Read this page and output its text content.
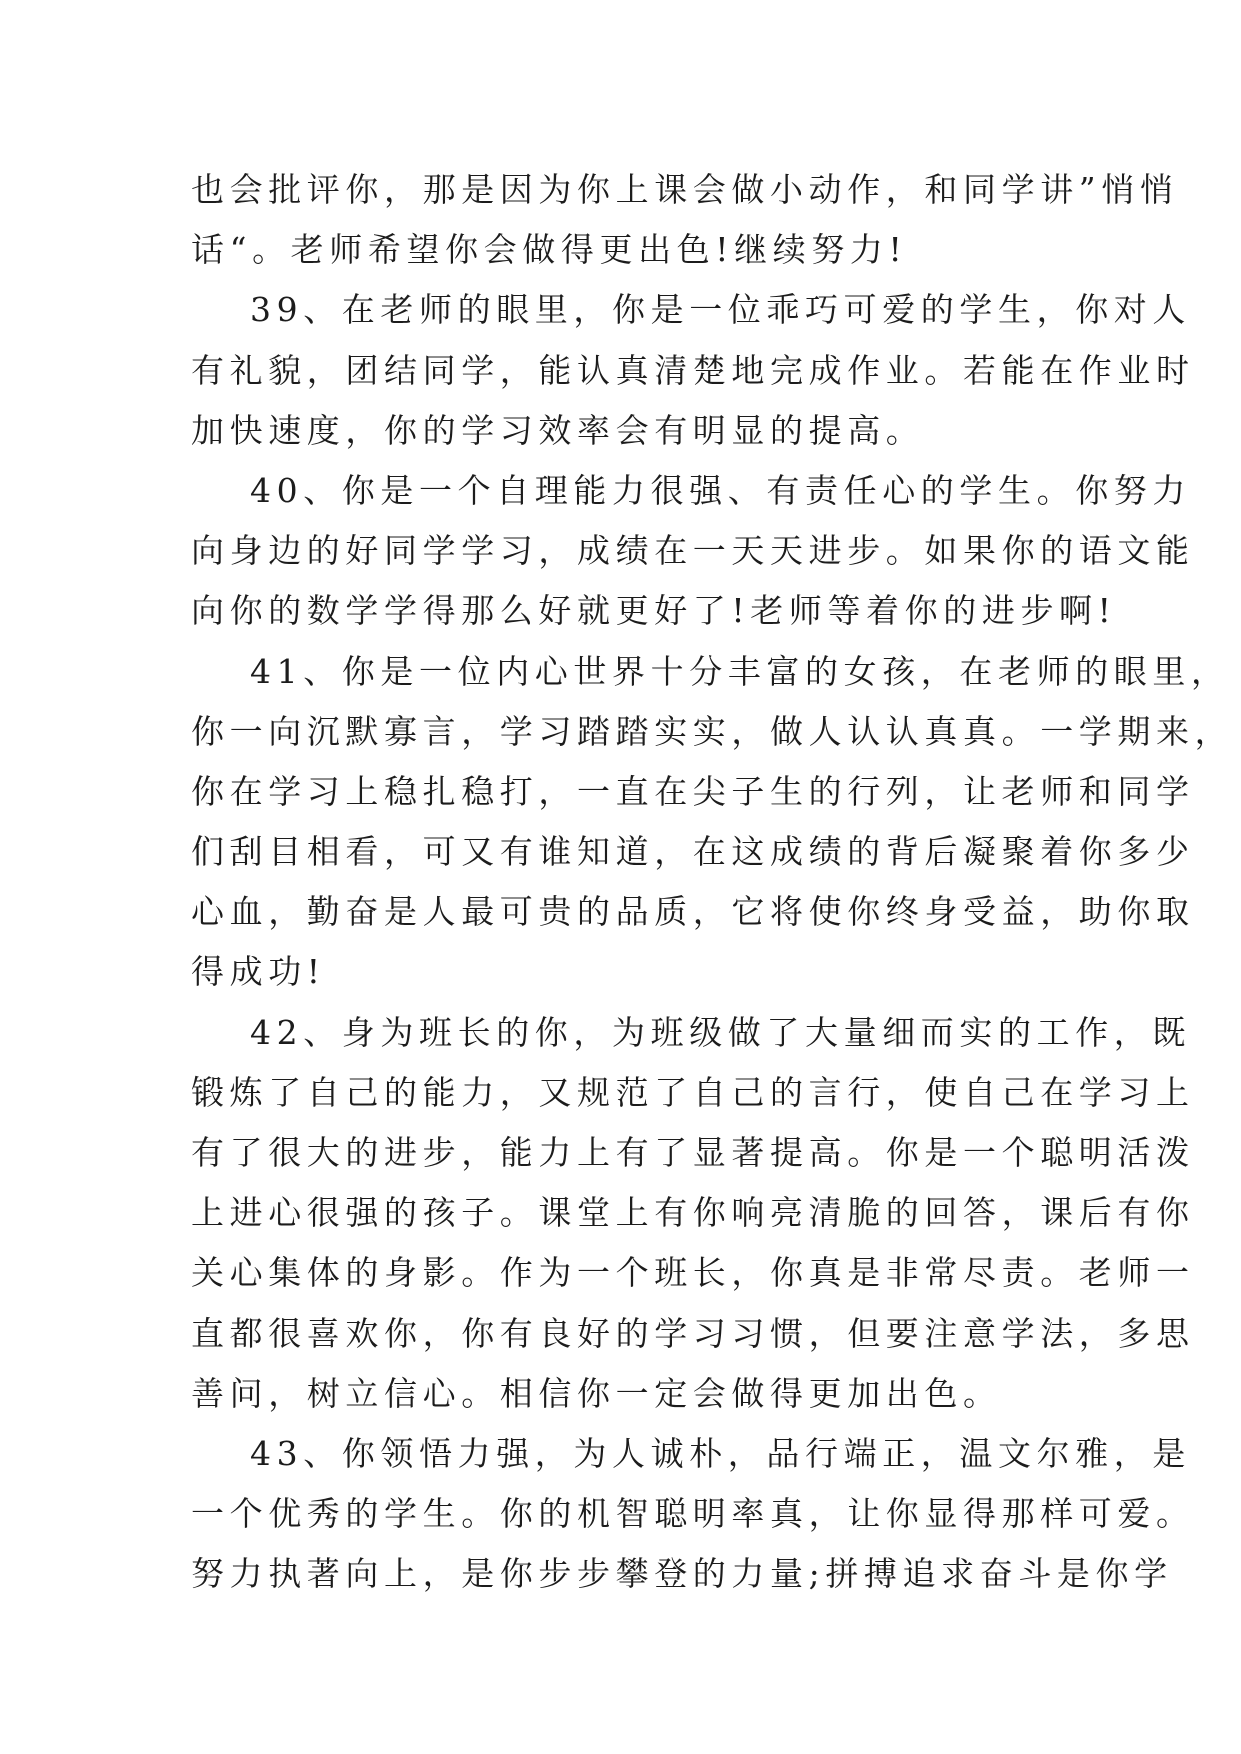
也会批评你，那是因为你上课会做小动作，和同学讲”悄悄
话“。老师希望你会做得更出色!继续努力!
39、在老师的眼里，你是一位乖巧可爱的学生，你对人
有礼貌，团结同学，能认真清楚地完成作业。若能在作业时
加快速度，你的学习效率会有明显的提高。
40、你是一个自理能力很强、有责任心的学生。你努力
向身边的好同学学习，成绩在一天天进步。如果你的语文能
向你的数学学得那么好就更好了!老师等着你的进步啊!
41、你是一位内心世界十分丰富的女孩，在老师的眼里，
你一向沉默寡言，学习踏踏实实，做人认认真真。一学期来，
你在学习上稳扎稳打，一直在尖子生的行列，让老师和同学
们刮目相看，可又有谁知道，在这成绩的背后凝聚着你多少
心血，勤奋是人最可贵的品质，它将使你终身受益，助你取
得成功!
42、身为班长的你，为班级做了大量细而实的工作，既
锻炼了自己的能力，又规范了自己的言行，使自己在学习上
有了很大的进步，能力上有了显著提高。你是一个聪明活泼
上进心很强的孩子。课堂上有你响亮清脆的回答，课后有你
关心集体的身影。作为一个班长，你真是非常尽责。老师一
直都很喜欢你，你有良好的学习习惯，但要注意学法，多思
善问，树立信心。相信你一定会做得更加出色。
43、你领悟力强，为人诚朴，品行端正，温文尔雅，是
一个优秀的学生。你的机智聪明率真，让你显得那样可爱。
努力执著向上，是你步步攀登的力量;拼搏追求奋斗是你学
